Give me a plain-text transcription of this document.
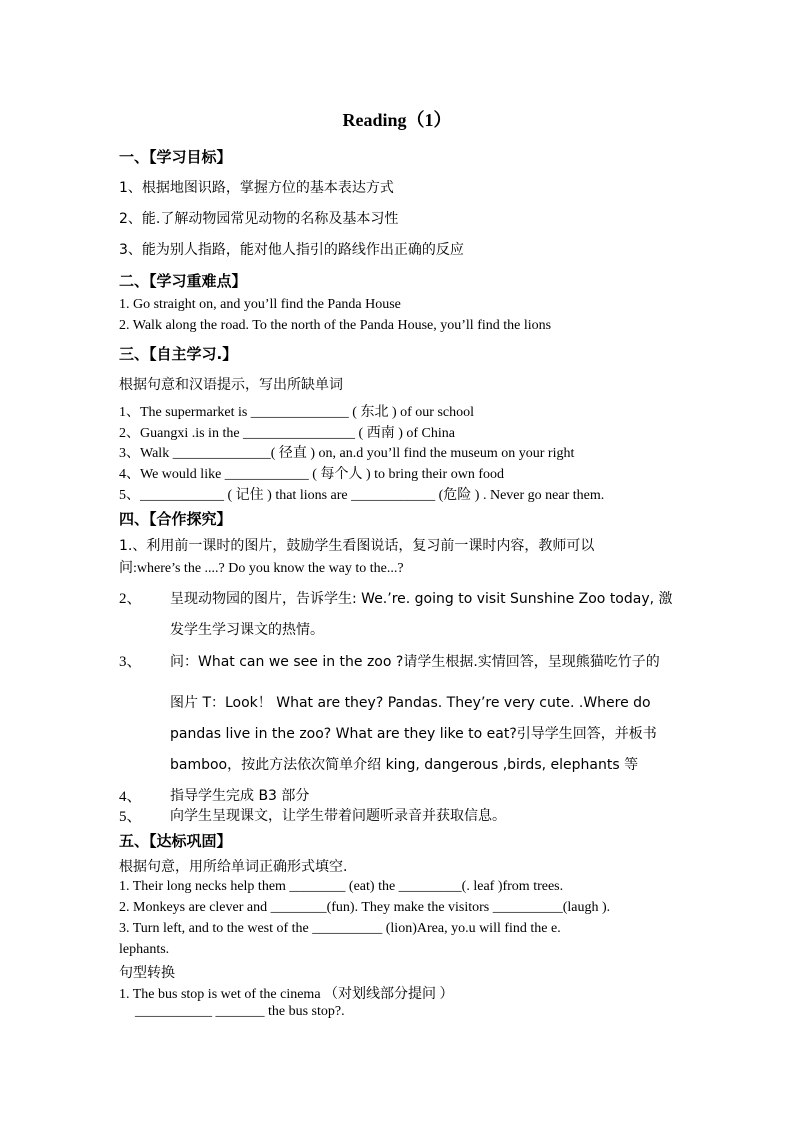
Reading（1）
一、【学习目标】
1、根据地图识路，掌握方位的基本表达方式
2、能.了解动物园常见动物的名称及基本习性
3、能为别人指路，能对他人指引的路线作出正确的反应
二、【学习重难点】
1. Go straight on, and you’ll find the Panda House
2. Walk along the road. To the north of the Panda House, you’ll find the lions
三、【自主学习.】
根据句意和汉语提示，写出所缺单词
1、The supermarket is ______________ ( 东北 ) of our school
2、Guangxi .is in the ________________ ( 西南 ) of China
3、Walk ______________( 径直 ) on, an.d you’ll find the museum on your right
4、We would like ____________ ( 每个人 ) to bring their own food
5、____________ ( 记住 ) that lions are ____________ (危险 ) . Never go near them.
四、【合作探究】
1.、利用前一课时的图片，鼓励学生看图说话，复习前一课时内容，教师可以
问:where’s the ....? Do you know the way to the...?
2、 呈现动物园的图片，告诉学生: We.’re. going to visit Sunshine Zoo today, 激
发学生学习课文的热情。
3、 问：What can we see in the zoo ?请学生根据.实情回答，呈现熊猫吃竹子的
图片 T：Look！ What are they? Pandas. They’re very cute. .Where do
pandas live in the zoo? What are they like to eat?引导学生回答，并板书
bamboo，按此方法依次简单介绍 king, dangerous ,birds, elephants 等
4、 指导学生完成 B3 部分
5、 向学生呈现课文，让学生带着问题听录音并获取信息。
五、【达标巩固】
根据句意，用所给单词正确形式填空.
1. Their long necks help them ________ (eat) the _________(. leaf )from trees.
2. Monkeys are clever and ________(fun). They make the visitors __________(laugh ).
3. Turn left, and to the west of the __________ (lion)Area, yo.u will find the e.
lephants.
句型转换
1. The bus stop is wet of the cinema （对划线部分提问 ）
___________ _______ the bus stop?.
